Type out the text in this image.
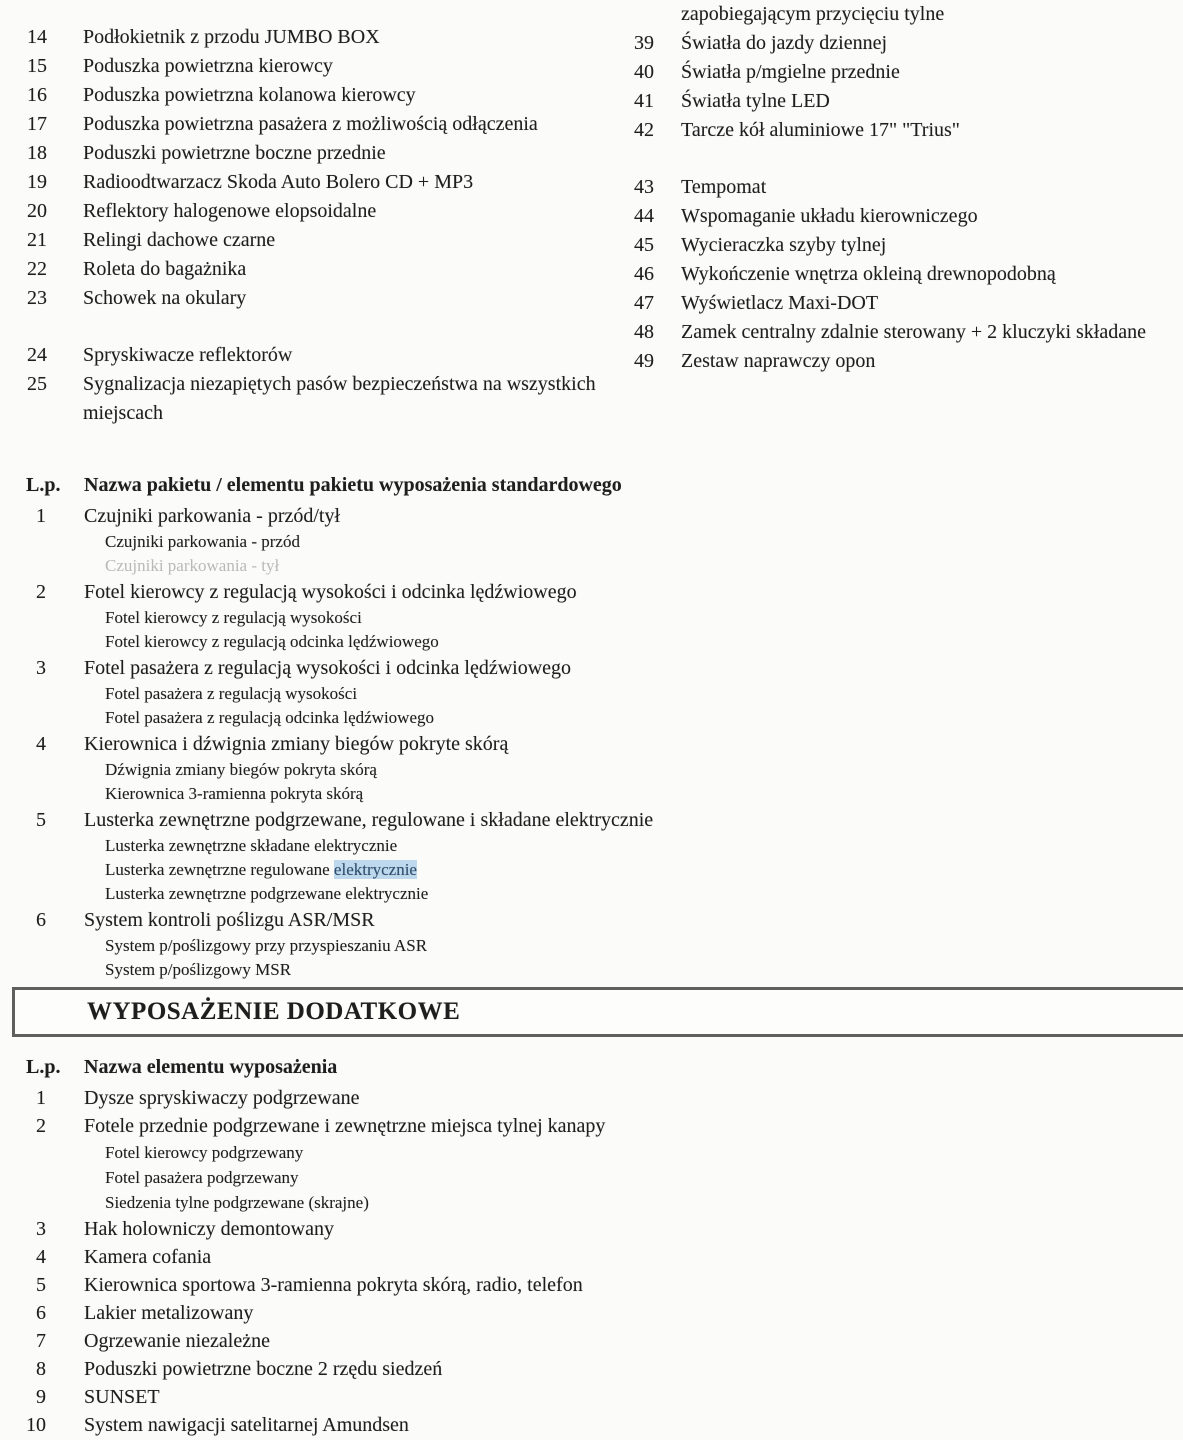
14	Podłokietnik z przodu JUMBO BOX
15	Poduszka powietrzna kierowcy
16	Poduszka powietrzna kolanowa kierowcy
17	Poduszka powietrzna pasażera z możliwością odłączenia
18	Poduszki powietrzne boczne przednie
19	Radioodtwarzacz Skoda Auto Bolero CD + MP3
20	Reflektory halogenowe elopsoidalne
21	Relingi dachowe czarne
22	Roleta do bagażnika
23	Schowek na okulary
24	Spryskiwacze reflektorów
25	Sygnalizacja niezapiętych pasów bezpieczeństwa na wszystkich miejscach
zapobiegającym przycięciu tylne
39	Światła do jazdy dziennej
40	Światła p/mgielne przednie
41	Światła tylne LED
42	Tarcze kół aluminiowe 17" "Trius"
43	Tempomat
44	Wspomaganie układu kierowniczego
45	Wycieraczka szyby tylnej
46	Wykończenie wnętrza okleiną drewnopodobną
47	Wyświetlacz Maxi-DOT
48	Zamek centralny zdalnie sterowany + 2 kluczyki składane
49	Zestaw naprawczy opon
L.p.	Nazwa pakietu / elementu pakietu wyposażenia standardowego
1	Czujniki parkowania - przód/tył
Czujniki parkowania - przód
Czujniki parkowania - tył
2	Fotel kierowcy z regulacją wysokości i odcinka lędźwiowego
Fotel kierowcy z regulacją wysokości
Fotel kierowcy z regulacją odcinka lędźwiowego
3	Fotel pasażera z regulacją wysokości i odcinka lędźwiowego
Fotel pasażera z regulacją wysokości
Fotel pasażera z regulacją odcinka lędźwiowego
4	Kierownica i dźwignia zmiany biegów pokryte skórą
Dźwignia zmiany biegów pokryta skórą
Kierownica 3-ramienna pokryta skórą
5	Lusterka zewnętrzne podgrzewane, regulowane i składane elektrycznie
Lusterka zewnętrzne składane elektrycznie
Lusterka zewnętrzne regulowane elektrycznie
Lusterka zewnętrzne podgrzewane elektrycznie
6	System kontroli poślizgu ASR/MSR
System p/poślizgowy przy przyspieszaniu ASR
System p/poślizgowy MSR
WYPOSAŻENIE DODATKOWE
L.p.	Nazwa elementu wyposażenia
1	Dysze spryskiwaczy podgrzewane
2	Fotele przednie podgrzewane i zewnętrzne miejsca tylnej kanapy
Fotel kierowcy podgrzewany
Fotel pasażera podgrzewany
Siedzenia tylne podgrzewane (skrajne)
3	Hak holowniczy demontowany
4	Kamera cofania
5	Kierownica sportowa 3-ramienna pokryta skórą, radio, telefon
6	Lakier metalizowany
7	Ogrzewanie niezależne
8	Poduszki powietrzne boczne 2 rzędu siedzeń
9	SUNSET
10	System nawigacji satelitarnej Amundsen
